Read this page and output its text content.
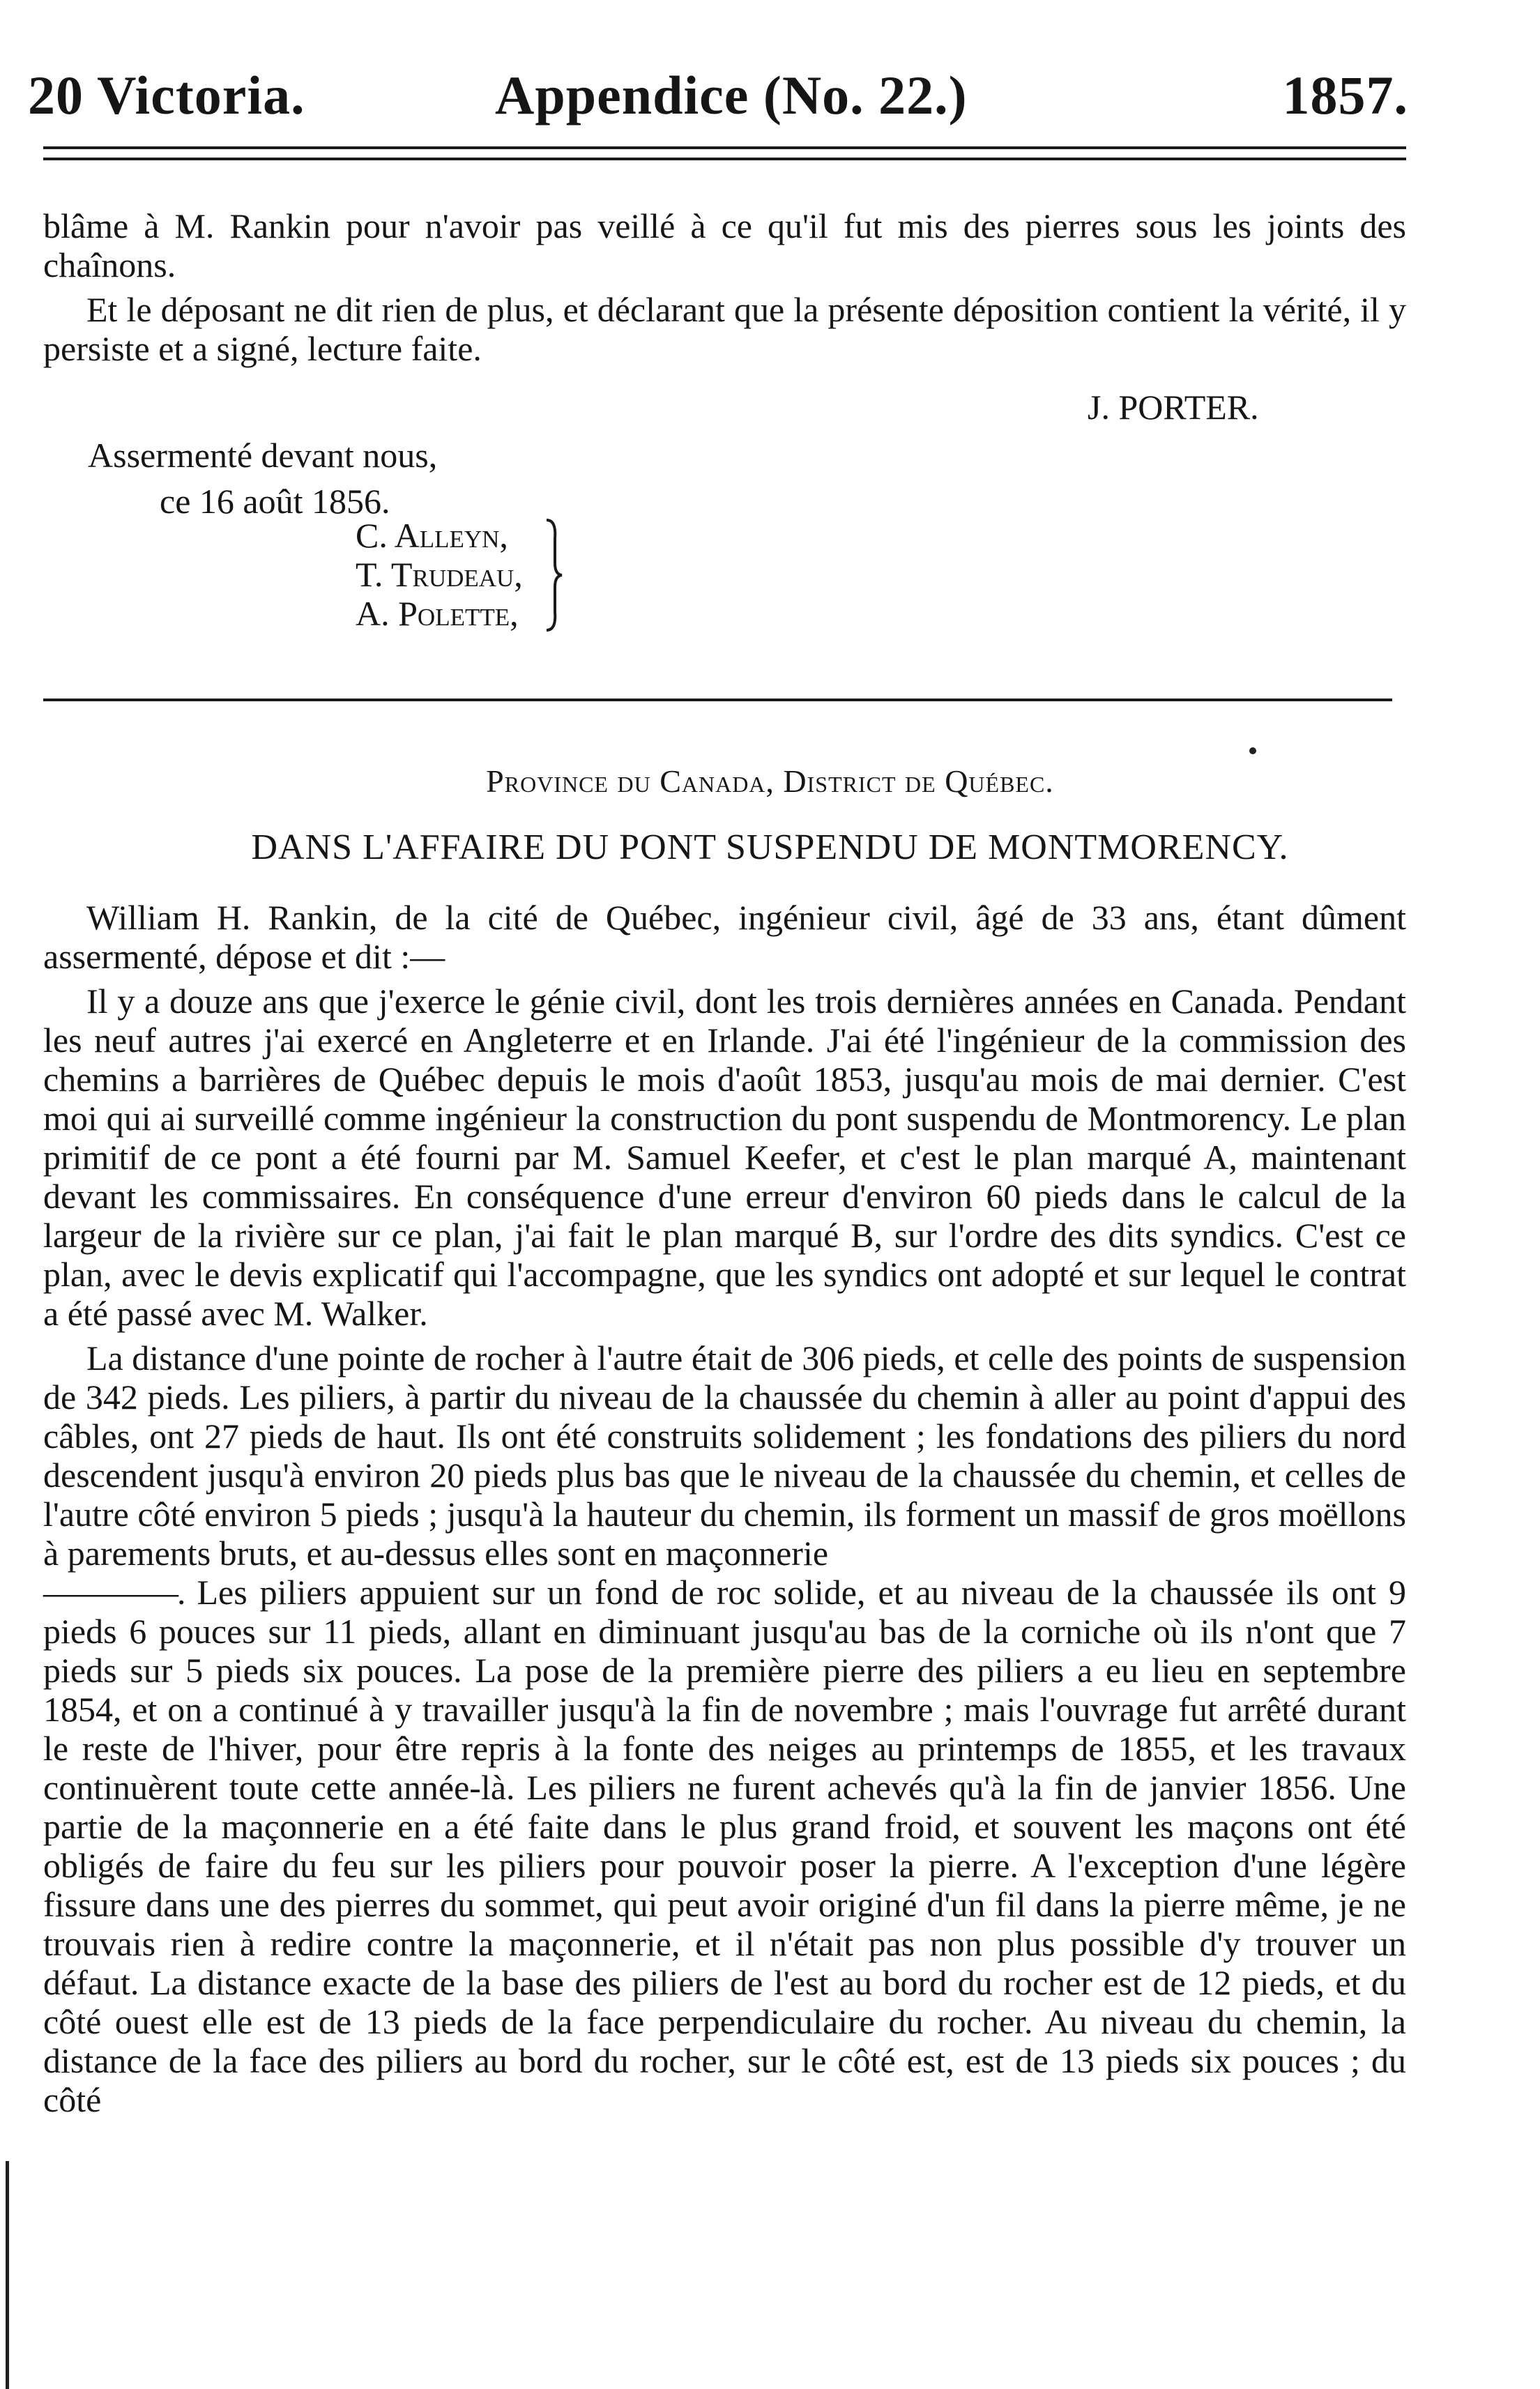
20 Victoria.	Appendice (No. 22.)	1857.

blâme à M. Rankin pour n'avoir pas veillé à ce qu'il fut mis des pierres sous les joints des chaînons.

Et le déposant ne dit rien de plus, et déclarant que la présente déposition contient la vérité, il y persiste et a signé, lecture faite.

J. PORTER.
Assermenté devant nous,
ce 16 août 1856.
C. Alleyn,
T. Trudeau,
A. Polette,
Province du Canada, District de Québec.
DANS L'AFFAIRE DU PONT SUSPENDU DE MONTMORENCY.

William H. Rankin, de la cité de Québec, ingénieur civil, âgé de 33 ans, étant dûment assermenté, dépose et dit :—

Il y a douze ans que j'exerce le génie civil, dont les trois dernières années en Canada. Pendant les neuf autres j'ai exercé en Angleterre et en Irlande. J'ai été l'ingénieur de la commission des chemins a barrières de Québec depuis le mois d'août 1853, jusqu'au mois de mai dernier. C'est moi qui ai surveillé comme ingénieur la construction du pont suspendu de Montmorency. Le plan primitif de ce pont a été fourni par M. Samuel Keefer, et c'est le plan marqué A, maintenant devant les commissaires. En conséquence d'une erreur d'environ 60 pieds dans le calcul de la largeur de la rivière sur ce plan, j'ai fait le plan marqué B, sur l'ordre des dits syndics. C'est ce plan, avec le devis explicatif qui l'accompagne, que les syndics ont adopté et sur lequel le contrat a été passé avec M. Walker.

La distance d'une pointe de rocher à l'autre était de 306 pieds, et celle des points de suspension de 342 pieds. Les piliers, à partir du niveau de la chaussée du chemin à aller au point d'appui des câbles, ont 27 pieds de haut. Ils ont été construits solidement ; les fondations des piliers du nord descendent jusqu'à environ 20 pieds plus bas que le niveau de la chaussée du chemin, et celles de l'autre côté environ 5 pieds ; jusqu'à la hauteur du chemin, ils forment un massif de gros moëllons à parements bruts, et au-dessus elles sont en maçonnerie
————. Les piliers appuient sur un fond de roc solide, et au niveau de la chaussée ils ont 9 pieds 6 pouces sur 11 pieds, allant en diminuant jusqu'au bas de la corniche où ils n'ont que 7 pieds sur 5 pieds six pouces. La pose de la première pierre des piliers a eu lieu en septembre 1854, et on a continué à y travailler jusqu'à la fin de novembre ; mais l'ouvrage fut arrêté durant le reste de l'hiver, pour être repris à la fonte des neiges au printemps de 1855, et les travaux continuèrent toute cette année-là. Les piliers ne furent achevés qu'à la fin de janvier 1856. Une partie de la maçonnerie en a été faite dans le plus grand froid, et souvent les maçons ont été obligés de faire du feu sur les piliers pour pouvoir poser la pierre. A l'exception d'une légère fissure dans une des pierres du sommet, qui peut avoir originé d'un fil dans la pierre même, je ne trouvais rien à redire contre la maçonnerie, et il n'était pas non plus possible d'y trouver un défaut. La distance exacte de la base des piliers de l'est au bord du rocher est de 12 pieds, et du côté ouest elle est de 13 pieds de la face perpendiculaire du rocher. Au niveau du chemin, la distance de la face des piliers au bord du rocher, sur le côté est, est de 13 pieds six pouces ; du côté
